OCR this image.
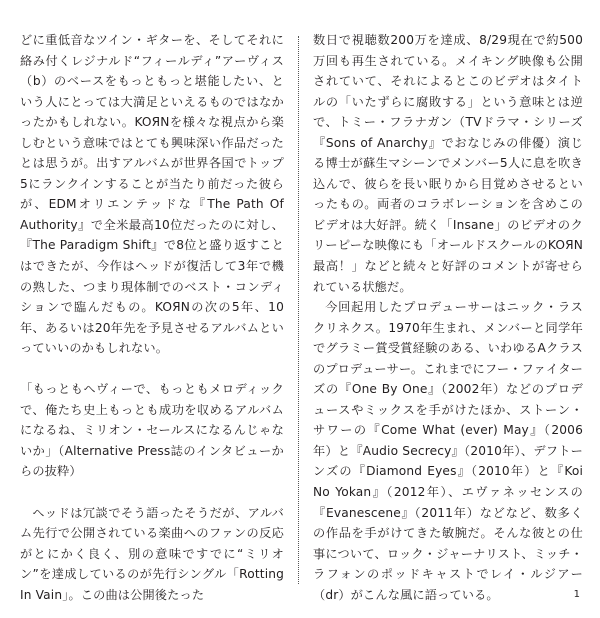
どに重低音なツイン・ギターを、そしてそれに絡み付くレジナルド“フィールディ”アーヴィス（b）のベースをもっともっと堪能したい、という人にとっては大満足といえるものではなかったかもしれない。KOЯNを様々な視点から楽しむという意味ではとても興味深い作品だったとは思うが。出すアルバムが世界各国でトップ5にランクインすることが当たり前だった彼らが、EDMオリエンテッドな『The Path Of Authority』で全米最高10位だったのに対し、『The Paradigm Shift』で8位と盛り返すことはできたが、今作はヘッドが復活して3年で機の熟した、つまり現体制でのベスト・コンディションで臨んだもの。KOЯNの次の5年、10年、あるいは20年先を予見させるアルバムといっていいのかもしれない。

「もっともヘヴィーで、もっともメロディックで、俺たち史上もっとも成功を収めるアルバムになるね、ミリオン・セールスになるんじゃないか」（Alternative Press誌のインタビューからの抜粋）

ヘッドは冗談でそう語ったそうだが、アルバム先行で公開されている楽曲へのファンの反応がとにかく良く、別の意味ですでに“ミリオン”を達成しているのが先行シングル「Rotting In Vain」。この曲は公開後たった

数日で視聴数200万を達成、8/29現在で約500万回も再生されている。メイキング映像も公開されていて、それによるとこのビデオはタイトルの「いたずらに腐敗する」という意味とは逆で、トミー・フラナガン（TVドラマ・シリーズ『Sons of Anarchy』でおなじみの俳優）演じる博士が蘇生マシーンでメンバー5人に息を吹き込んで、彼らを長い眠りから目覚めさせるといったもの。両者のコラボレーションを含めこのビデオは大好評。続く「Insane」のビデオのクリーピーな映像にも「オールドスクールのKOЯN最高！」などと続々と好評のコメントが寄せられている状態だ。

今回起用したプロデューサーはニック・ラスクリネクス。1970年生まれ、メンバーと同学年でグラミー賞受賞経験のある、いわゆるAクラスのプロデューサー。これまでにフー・ファイターズの『One By One』（2002年）などのプロデュースやミックスを手がけたほか、ストーン・サワーの『Come What (ever) May』（2006年）と『Audio Secrecy』（2010年）、デフトーンズの『Diamond Eyes』（2010年）と『Koi No Yokan』（2012年）、エヴァネッセンスの『Evanescene』（2011年）などなど、数多くの作品を手がけてきた敏腕だ。そんな彼との仕事について、ロック・ジャーナリスト、ミッチ・ラフォンのポッドキャストでレイ・ルジアー（dr）がこんな風に語っている。	1
